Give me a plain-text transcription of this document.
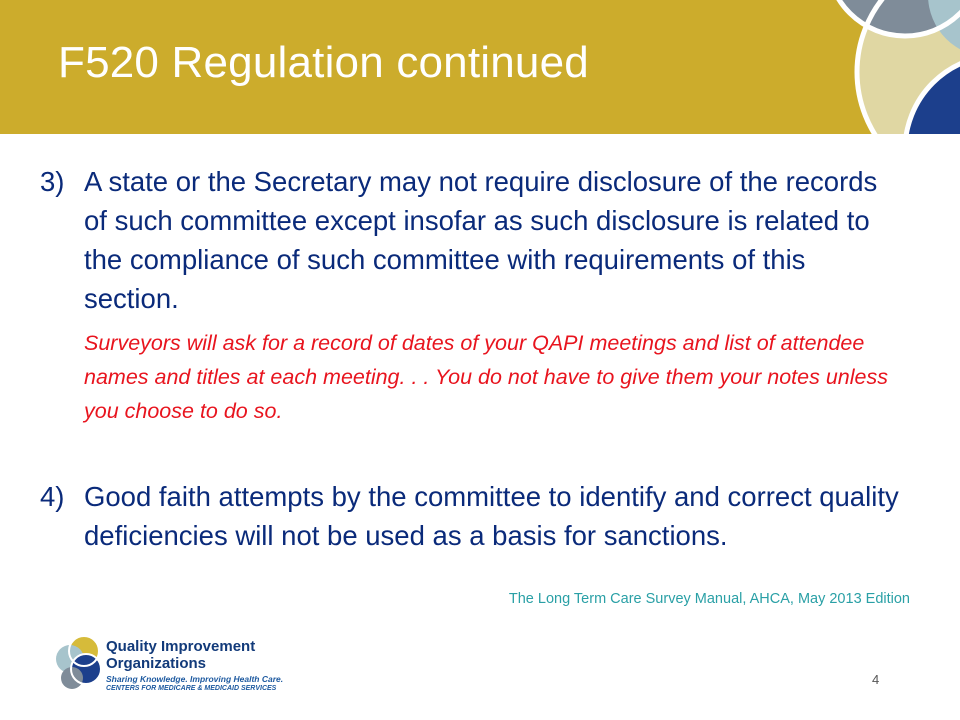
F520 Regulation continued
3) A state or the Secretary may not require disclosure of the records of such committee except insofar as such disclosure is related to the compliance of such committee with requirements of this section.
Surveyors will ask for a record of dates of your QAPI meetings and list of attendee names and titles at each meeting. . . You do not have to give them your notes unless you choose to do so.
4) Good faith attempts by the committee to identify and correct quality deficiencies will not be used as a basis for sanctions.
The Long Term Care Survey Manual, AHCA, May 2013 Edition
Quality Improvement
Organizations
Sharing Knowledge. Improving Health Care.
CENTERS FOR MEDICARE & MEDICAID SERVICES
4
